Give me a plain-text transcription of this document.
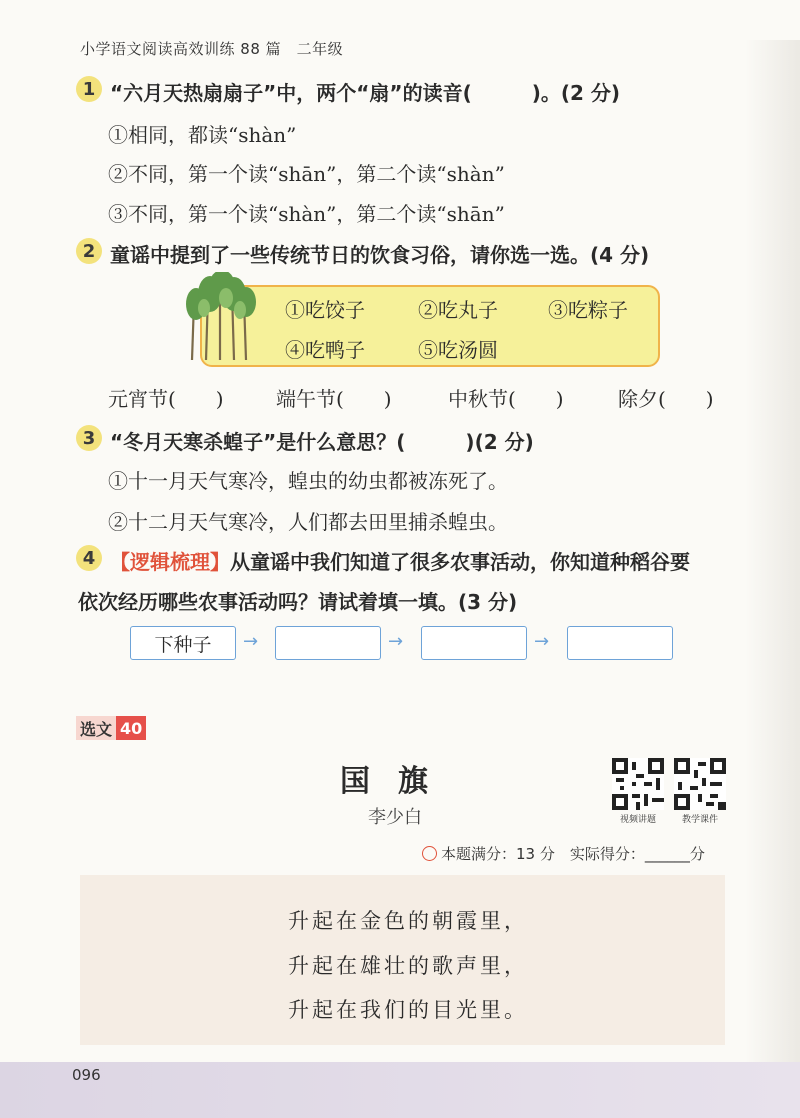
小学语文阅读高效训练 88 篇　二年级
1 “六月天热扇扇子”中，两个“扇”的读音(　　　)。(2 分)
①相同，都读“shàn”
②不同，第一个读“shān”，第二个读“shàn”
③不同，第一个读“shàn”，第二个读“shān”
2 童谣中提到了一些传统节日的饮食习俗，请你选一选。(4 分)
①吃饺子	②吃丸子	③吃粽子
④吃鸭子	⑤吃汤圆
元宵节(　　)	端午节(　　)	中秋节(　　)	除夕(　　)
3 “冬月天寒杀蝗子”是什么意思？(　　　)(2 分)
①十一月天气寒冷，蝗虫的幼虫都被冻死了。
②十二月天气寒冷，人们都去田里捕杀蝗虫。
4 【逻辑梳理】从童谣中我们知道了很多农事活动，你知道种稻谷要
依次经历哪些农事活动吗？请试着填一填。(3 分)
下种子 →	→	→
选文 40
国旗
李少白	视频讲题	教学课件
本题满分：13 分　实际得分：______分
升起在金色的朝霞里，
升起在雄壮的歌声里，
升起在我们的目光里。
096
